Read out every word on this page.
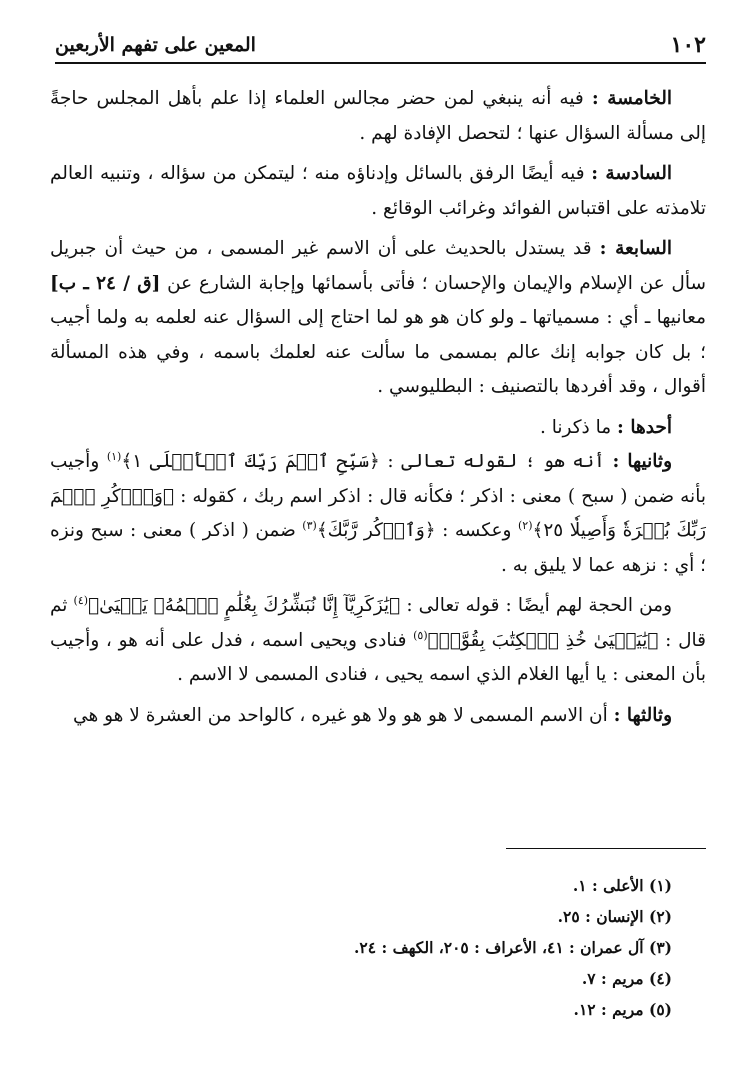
١٠٢
المعين على تفهم الأربعين

الخامسة : فيه أنه ينبغي لمن حضر مجالس العلماء إذا علم بأهل المجلس حاجةً إلى مسألة السؤال عنها ؛ لتحصل الإفادة لهم .

السادسة : فيه أيضًا الرفق بالسائل وإدناؤه منه ؛ ليتمكن من سؤاله ، وتنبيه العالم تلامذته على اقتباس الفوائد وغرائب الوقائع .

السابعة : قد يستدل بالحديث على أن الاسم غير المسمى ، من حيث أن جبريل سأل عن الإسلام والإيمان والإحسان ؛ فأتى بأسمائها وإجابة الشارع عن [ق / ٢٤ ـ ب] معانيها ـ أي : مسمياتها ـ ولو كان هو هو لما احتاج إلى السؤال عنه لعلمه به ولما أجيب ؛ بل كان جوابه إنك عالم بمسمى ما سألت عنه لعلمك باسمه ، وفي هذه المسألة أقوال ، وقد أفردها بالتصنيف : البطليوسي .

أحدها : ما ذكرنا .

وثانيها : أنه هو ؛ لقوله تعالى : ﴿سَبِّحِ ٱسۡمَ رَبِّكَ ٱلۡأَعۡلَى ١﴾$^{(١)}$ وأجيب بأنه ضمن ( سبح ) معنى : اذكر ؛ فكأنه قال : اذكر اسم ربك ، كقوله : ﴿وَٱذۡكُرِ ٱسۡمَ رَبِّكَ بُكۡرَةٗ وَأَصِيلٗا ٢٥﴾$^{(٢)}$ وعكسه : ﴿وَٱذۡكُر رَّبَّكَ﴾$^{(٣)}$ ضمن ( اذكر ) معنى : سبح ونزه ؛ أي : نزهه عما لا يليق به .

ومن الحجة لهم أيضًا : قوله تعالى : ﴿يَٰزَكَرِيَّآ إِنَّا نُبَشِّرُكَ بِغُلَٰمٍ ٱسۡمُهُۥ يَحۡيَىٰ﴾$^{(٤)}$ ثم قال : ﴿يَٰيَحۡيَىٰ خُذِ ٱلۡكِتَٰبَ بِقُوَّةٖ﴾$^{(٥)}$ فنادى ويحيى اسمه ، فدل على أنه هو ، وأجيب بأن المعنى : يا أيها الغلام الذي اسمه يحيى ، فنادى المسمى لا الاسم .

وثالثها : أن الاسم المسمى لا هو هو ولا هو غيره ، كالواحد من العشرة لا هو هي

(١) الأعلى : ١.

(٢) الإنسان : ٢٥.

(٣) آل عمران : ٤١، الأعراف : ٢٠٥، الكهف : ٢٤.

(٤) مريم : ٧.

(٥) مريم : ١٢.
